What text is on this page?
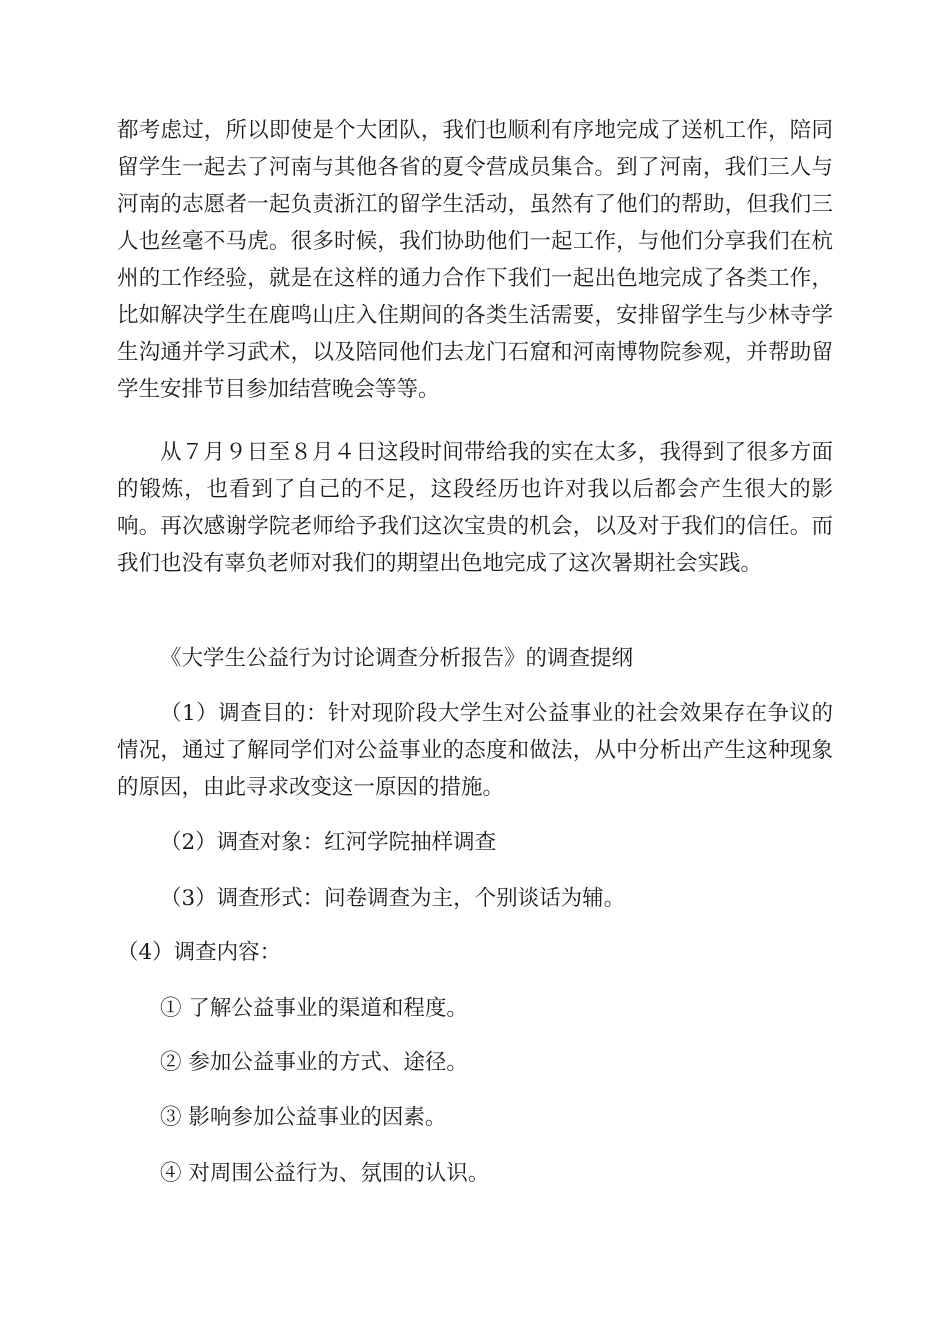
都考虑过，所以即使是个大团队，我们也顺利有序地完成了送机工作，陪同留学生一起去了河南与其他各省的夏令营成员集合。到了河南，我们三人与河南的志愿者一起负责浙江的留学生活动，虽然有了他们的帮助，但我们三人也丝毫不马虎。很多时候，我们协助他们一起工作，与他们分享我们在杭州的工作经验，就是在这样的通力合作下我们一起出色地完成了各类工作，比如解决学生在鹿鸣山庄入住期间的各类生活需要，安排留学生与少林寺学生沟通并学习武术，以及陪同他们去龙门石窟和河南博物院参观，并帮助留学生安排节目参加结营晚会等等。

从７月９日至８月４日这段时间带给我的实在太多，我得到了很多方面的锻炼，也看到了自己的不足，这段经历也许对我以后都会产生很大的影响。再次感谢学院老师给予我们这次宝贵的机会，以及对于我们的信任。而我们也没有辜负老师对我们的期望出色地完成了这次暑期社会实践。

《大学生公益行为讨论调查分析报告》的调查提纲

（1）调查目的：针对现阶段大学生对公益事业的社会效果存在争议的情况，通过了解同学们对公益事业的态度和做法，从中分析出产生这种现象的原因，由此寻求改变这一原因的措施。

（2）调查对象：红河学院抽样调查

（3）调查形式：问卷调查为主，个别谈话为辅。

（4）调查内容：

① 了解公益事业的渠道和程度。

② 参加公益事业的方式、途径。

③ 影响参加公益事业的因素。

④ 对周围公益行为、氛围的认识。
